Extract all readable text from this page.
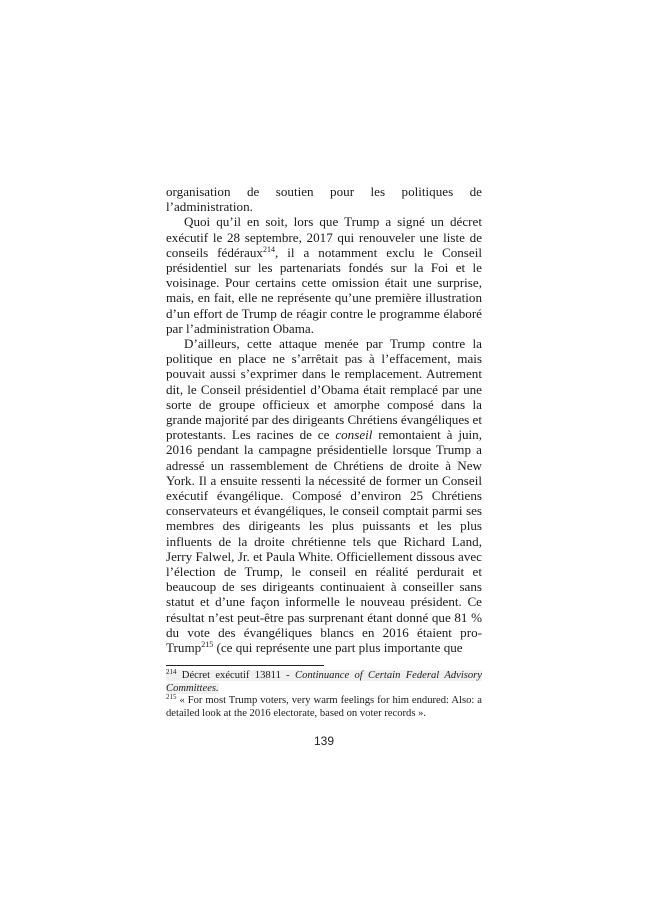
organisation de soutien pour les politiques de l’administration.

Quoi qu’il en soit, lors que Trump a signé un décret exécutif le 28 septembre, 2017 qui renouveler une liste de conseils fédéraux$^{214}$, il a notamment exclu le Conseil présidentiel sur les partenariats fondés sur la Foi et le voisinage. Pour certains cette omission était une surprise, mais, en fait, elle ne représente qu’une première illustration d’un effort de Trump de réagir contre le programme élaboré par l’administration Obama.

D’ailleurs, cette attaque menée par Trump contre la politique en place ne s’arrêtait pas à l’effacement, mais pouvait aussi s’exprimer dans le remplacement. Autrement dit, le Conseil présidentiel d’Obama était remplacé par une sorte de groupe officieux et amorphe composé dans la grande majorité par des dirigeants Chrétiens évangéliques et protestants. Les racines de ce conseil remontaient à juin, 2016 pendant la campagne présidentielle lorsque Trump a adressé un rassemblement de Chrétiens de droite à New York. Il a ensuite ressenti la nécessité de former un Conseil exécutif évangélique. Composé d’environ 25 Chrétiens conservateurs et évangéliques, le conseil comptait parmi ses membres des dirigeants les plus puissants et les plus influents de la droite chrétienne tels que Richard Land, Jerry Falwel, Jr. et Paula White. Officiellement dissous avec l’élection de Trump, le conseil en réalité perdurait et beaucoup de ses dirigeants continuaient à conseiller sans statut et d’une façon informelle le nouveau président. Ce résultat n’est peut-être pas surprenant étant donné que 81 % du vote des évangéliques blancs en 2016 étaient pro-Trump$^{215}$ (ce qui représente une part plus importante que

$^{214}$ Décret exécutif 13811 - Continuance of Certain Federal Advisory Committees.

$^{215}$ « For most Trump voters, very warm feelings for him endured: Also: a detailed look at the 2016 electorate, based on voter records ».

139
